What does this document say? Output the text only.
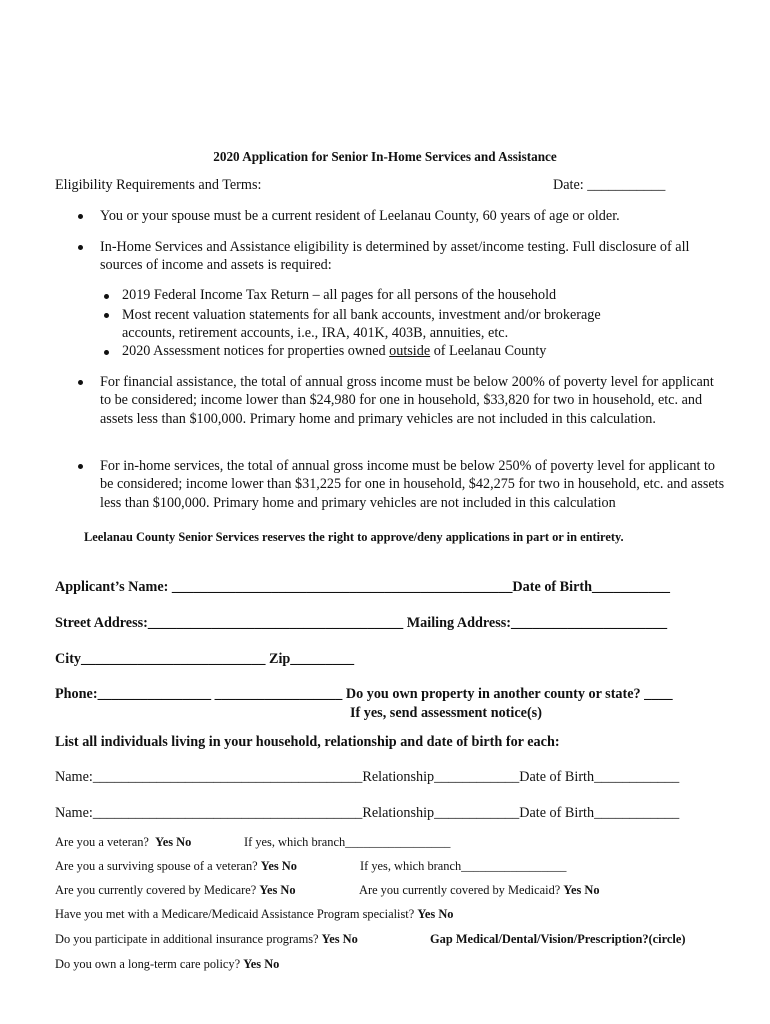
2020 Application for Senior In-Home Services and Assistance
Eligibility Requirements and Terms:	Date: ___________
You or your spouse must be a current resident of Leelanau County, 60 years of age or older.
In-Home Services and Assistance eligibility is determined by asset/income testing. Full disclosure of all sources of income and assets is required:
2019 Federal Income Tax Return – all pages for all persons of the household
Most recent valuation statements for all bank accounts, investment and/or brokerage accounts, retirement accounts, i.e., IRA, 401K, 403B, annuities, etc.
2020 Assessment notices for properties owned outside of Leelanau County
For financial assistance, the total of annual gross income must be below 200% of poverty level for applicant to be considered; income lower than $24,980 for one in household, $33,820 for two in household, etc. and assets less than $100,000. Primary home and primary vehicles are not included in this calculation.
For in-home services, the total of annual gross income must be below 250% of poverty level for applicant to be considered; income lower than $31,225 for one in household, $42,275 for two in household, etc. and assets less than $100,000. Primary home and primary vehicles are not included in this calculation
Leelanau County Senior Services reserves the right to approve/deny applications in part or in entirety.
Applicant’s Name: ________________________________________________Date of Birth___________
Street Address:____________________________________ Mailing Address:______________________
City__________________________ Zip_________
Phone:________________ __________________ Do you own property in another county or state? ____
If yes, send assessment notice(s)
List all individuals living in your household, relationship and date of birth for each:
Name:______________________________________Relationship____________Date of Birth____________
Name:______________________________________Relationship____________Date of Birth____________
Are you a veteran? Yes No	If yes, which branch_________________
Are you a surviving spouse of a veteran? Yes No	If yes, which branch_________________
Are you currently covered by Medicare? Yes No	Are you currently covered by Medicaid? Yes No
Have you met with a Medicare/Medicaid Assistance Program specialist? Yes No
Do you participate in additional insurance programs? Yes No	Gap Medical/Dental/Vision/Prescription?(circle)
Do you own a long-term care policy? Yes No
